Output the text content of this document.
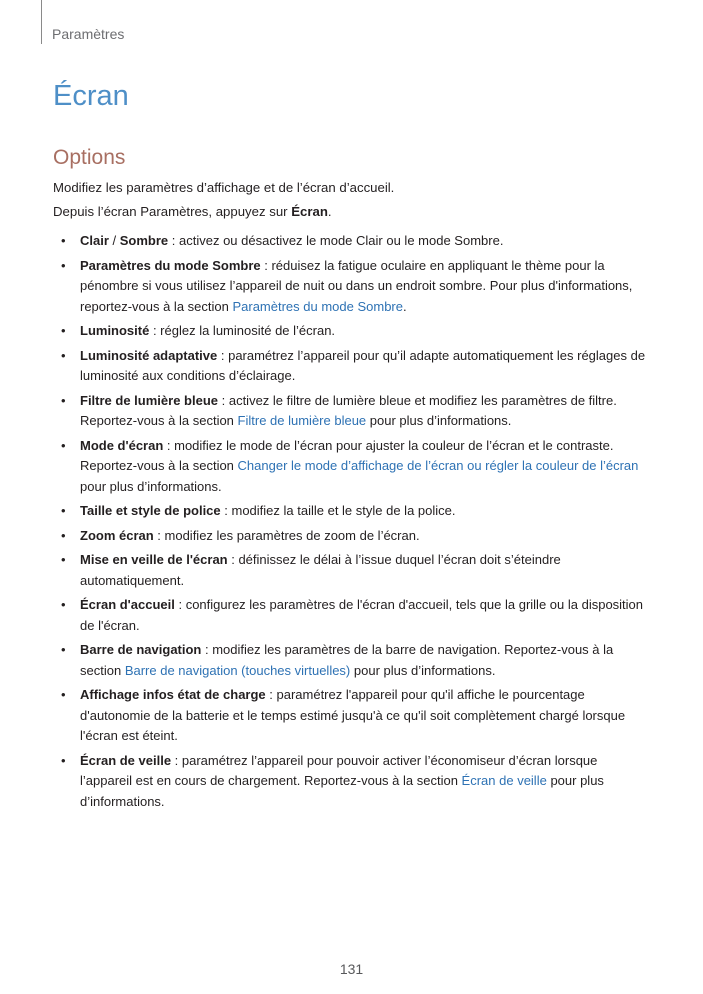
Paramètres
Écran
Options

Modifiez les paramètres d’affichage et de l’écran d’accueil.

Depuis l’écran Paramètres, appuyez sur Écran.

• Clair / Sombre : activez ou désactivez le mode Clair ou le mode Sombre.
• Paramètres du mode Sombre : réduisez la fatigue oculaire en appliquant le thème pour la pénombre si vous utilisez l’appareil de nuit ou dans un endroit sombre. Pour plus d'informations, reportez-vous à la section Paramètres du mode Sombre.
• Luminosité : réglez la luminosité de l’écran.
• Luminosité adaptative : paramétrez l’appareil pour qu’il adapte automatiquement les réglages de luminosité aux conditions d’éclairage.
• Filtre de lumière bleue : activez le filtre de lumière bleue et modifiez les paramètres de filtre. Reportez-vous à la section Filtre de lumière bleue pour plus d’informations.
• Mode d'écran : modifiez le mode de l’écran pour ajuster la couleur de l’écran et le contraste. Reportez-vous à la section Changer le mode d’affichage de l’écran ou régler la couleur de l’écran pour plus d’informations.
• Taille et style de police : modifiez la taille et le style de la police.
• Zoom écran : modifiez les paramètres de zoom de l’écran.
• Mise en veille de l'écran : définissez le délai à l’issue duquel l’écran doit s’éteindre automatiquement.
• Écran d'accueil : configurez les paramètres de l'écran d'accueil, tels que la grille ou la disposition de l'écran.
• Barre de navigation : modifiez les paramètres de la barre de navigation. Reportez-vous à la section Barre de navigation (touches virtuelles) pour plus d’informations.
• Affichage infos état de charge : paramétrez l'appareil pour qu'il affiche le pourcentage d'autonomie de la batterie et le temps estimé jusqu'à ce qu'il soit complètement chargé lorsque l'écran est éteint.
• Écran de veille : paramétrez l’appareil pour pouvoir activer l’économiseur d’écran lorsque l’appareil est en cours de chargement. Reportez-vous à la section Écran de veille pour plus d’informations.
131
